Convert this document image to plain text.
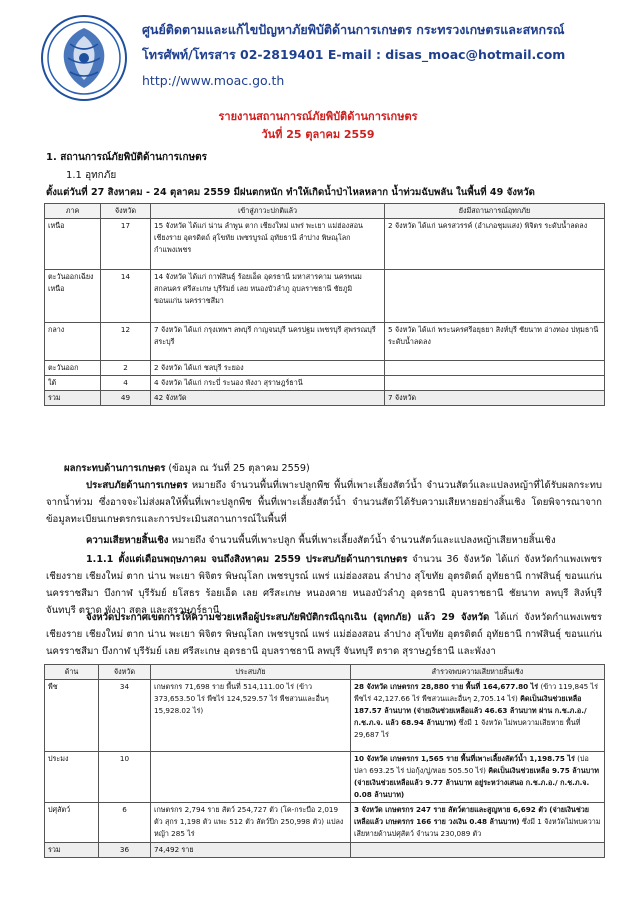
ศูนย์ติดตามและแก้ไขปัญหาภัยพิบัติด้านการเกษตร กระทรวงเกษตรและสหกรณ์
โทรศัพท์/โทรสาร 02-2819401 E-mail : disas_moac@hotmail.com
http://www.moac.go.th
รายงานสถานการณ์ภัยพิบัติด้านการเกษตร
วันที่ 25 ตุลาคม 2559
1. สถานการณ์ภัยพิบัติด้านการเกษตร
1.1 อุทกภัย
ตั้งแต่วันที่ 27 สิงหาคม - 24 ตุลาคม 2559 มีฝนตกหนัก ทำให้เกิดน้ำป่าไหลหลาก น้ำท่วมฉับพลัน ในพื้นที่ 49 จังหวัด
ภาค	จังหวัด	เข้าสู่ภาวะปกติแล้ว	ยังมีสถานการณ์อุทกภัย
เหนือ	17	15 จังหวัด ได้แก่ น่าน ลำพูน ตาก เชียงใหม่ แพร่ พะเยา แม่ฮ่องสอน เชียงราย อุตรดิตถ์ สุโขทัย เพชรบูรณ์ อุทัยธานี ลำปาง พิษณุโลก กำแพงเพชร	2 จังหวัด ได้แก่ นครสวรรค์ (อำเภอชุมแสง) พิจิตร ระดับน้ำลดลง
ตะวันออกเฉียงเหนือ	14	14 จังหวัด ได้แก่ กาฬสินธุ์ ร้อยเอ็ด อุดรธานี มหาสารคาม นครพนม สกลนคร ศรีสะเกษ บุรีรัมย์ เลย หนองบัวลำภู อุบลราชธานี ชัยภูมิ ขอนแก่น นครราชสีมา	
กลาง	12	7 จังหวัด ได้แก่ กรุงเทพฯ ลพบุรี กาญจนบุรี นครปฐม เพชรบุรี สุพรรณบุรี สระบุรี	5 จังหวัด ได้แก่ พระนครศรีอยุธยา สิงห์บุรี ชัยนาท อ่างทอง ปทุมธานี ระดับน้ำลดลง
ตะวันออก	2	2 จังหวัด ได้แก่ ชลบุรี ระยอง	
ใต้	4	4 จังหวัด ได้แก่ กระบี่ ระนอง พังงา สุราษฎร์ธานี	
รวม	49	42 จังหวัด	7 จังหวัด
ผลกระทบด้านการเกษตร (ข้อมูล ณ วันที่ 25 ตุลาคม 2559)
ประสบภัยด้านการเกษตร หมายถึง จำนวนพื้นที่เพาะปลูกพืช พื้นที่เพาะเลี้ยงสัตว์น้ำ จำนวนสัตว์และแปลงหญ้าที่ได้รับผลกระทบจากน้ำท่วม ซึ่งอาจจะไม่ส่งผลให้พื้นที่เพาะปลูกพืช พื้นที่เพาะเลี้ยงสัตว์น้ำ จำนวนสัตว์ได้รับความเสียหายอย่างสิ้นเชิง โดยพิจารณาจากข้อมูลทะเบียนเกษตรกรและการประเมินสถานการณ์ในพื้นที่
ความเสียหายสิ้นเชิง หมายถึง จำนวนพื้นที่เพาะปลูก พื้นที่เพาะเลี้ยงสัตว์น้ำ จำนวนสัตว์และแปลงหญ้าเสียหายสิ้นเชิง
1.1.1 ตั้งแต่เดือนพฤษภาคม จนถึงสิงหาคม 2559 ประสบภัยด้านการเกษตร จำนวน 36 จังหวัด ได้แก่ จังหวัดกำแพงเพชร เชียงราย เชียงใหม่ ตาก น่าน พะเยา พิจิตร พิษณุโลก เพชรบูรณ์ แพร่ แม่ฮ่องสอน ลำปาง สุโขทัย อุตรดิตถ์ อุทัยธานี กาฬสินธุ์ ขอนแก่น นครราชสีมา บึงกาฬ บุรีรัมย์ ยโสธร ร้อยเอ็ด เลย ศรีสะเกษ หนองคาย หนองบัวลำภู อุดรธานี อุบลราชธานี ชัยนาท ลพบุรี สิงห์บุรี จันทบุรี ตราด พังงา สตูล และสุราษฎร์ธานี
จังหวัดประกาศเขตการให้ความช่วยเหลือผู้ประสบภัยพิบัติกรณีฉุกเฉิน (อุทกภัย) แล้ว 29 จังหวัด ได้แก่ จังหวัดกำแพงเพชร เชียงราย เชียงใหม่ ตาก น่าน พะเยา พิจิตร พิษณุโลก เพชรบูรณ์ แพร่ แม่ฮ่องสอน ลำปาง สุโขทัย อุตรดิตถ์ อุทัยธานี กาฬสินธุ์ ขอนแก่น นครราชสีมา บึงกาฬ บุรีรัมย์ เลย ศรีสะเกษ อุดรธานี อุบลราชธานี ลพบุรี จันทบุรี ตราด สุราษฎร์ธานี และพังงา
ด้าน	จังหวัด	ประสบภัย	สำรวจพบความเสียหายสิ้นเชิง
พืช	34	เกษตรกร 71,698 ราย พื้นที่ 514,111.00 ไร่ (ข้าว 373,653.50 ไร่ พืชไร่ 124,529.57 ไร่ พืชสวนและอื่นๆ 15,928.02 ไร่)	28 จังหวัด เกษตรกร 28,880 ราย พื้นที่ 164,677.80 ไร่ (ข้าว 119,845 ไร่ พืชไร่ 42,127.66 ไร่ พืชสวนและอื่นๆ 2,705.14 ไร่) คิดเป็นเงินช่วยเหลือ 187.57 ล้านบาท (จ่ายเงินช่วยเหลือแล้ว 46.63 ล้านบาท ผ่าน ก.ช.ภ.อ./ ก.ช.ภ.จ. แล้ว 68.94 ล้านบาท) ซึ่งมี 1 จังหวัด ไม่พบความเสียหาย พื้นที่ 29,687 ไร่
ประมง	10		10 จังหวัด เกษตรกร 1,565 ราย พื้นที่เพาะเลี้ยงสัตว์น้ำ 1,198.75 ไร่ (บ่อปลา 693.25 ไร่ บ่อกุ้ง/ปู/หอย 505.50 ไร่) คิดเป็นเงินช่วยเหลือ 9.75 ล้านบาท (จ่ายเงินช่วยเหลือแล้ว 9.77 ล้านบาท อยู่ระหว่างเสนอ ก.ช.ภ.อ./ ก.ช.ภ.จ. 0.08 ล้านบาท)
ปศุสัตว์	6	เกษตรกร 2,794 ราย สัตว์ 254,727 ตัว (โค-กระบือ 2,019 ตัว สุกร 1,198 ตัว แพะ 512 ตัว สัตว์ปีก 250,998 ตัว) แปลงหญ้า 285 ไร่	3 จังหวัด เกษตรกร 247 ราย สัตว์ตายและสูญหาย 6,692 ตัว (จ่ายเงินช่วยเหลือแล้ว เกษตรกร 166 ราย วงเงิน 0.48 ล้านบาท) ซึ่งมี 1 จังหวัดไม่พบความเสียหายด้านปศุสัตว์ จำนวน 230,089 ตัว
รวม	36	74,492 ราย	
